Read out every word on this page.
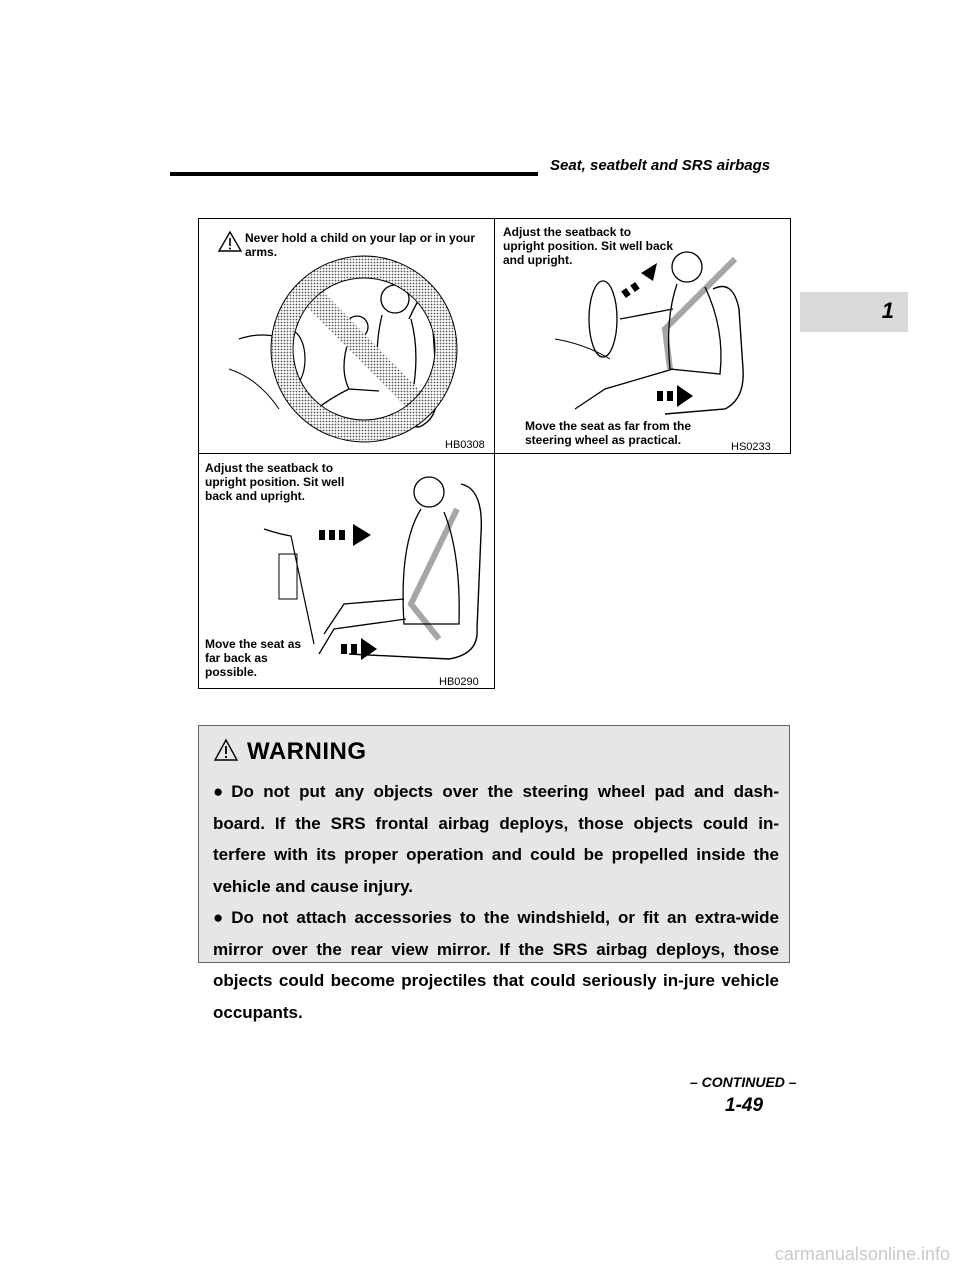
Seat, seatbelt and SRS airbags
1
Never hold a child on your lap or in your arms.
HB0308
Adjust the seatback to upright position. Sit well back and upright.
Move the seat as far from the steering wheel as practical.	HS0233
Adjust the seatback to upright position. Sit well back and upright.
Move the seat as far back as possible.
HB0290
WARNING

● Do not put any objects over the steering wheel pad and dash-board. If the SRS frontal airbag deploys, those objects could in-terfere with its proper operation and could be propelled inside the vehicle and cause injury.

● Do not attach accessories to the windshield, or fit an extra-wide mirror over the rear view mirror. If the SRS airbag deploys, those objects could become projectiles that could seriously in-jure vehicle occupants.

– CONTINUED –
1-49
carmanualsonline.info
